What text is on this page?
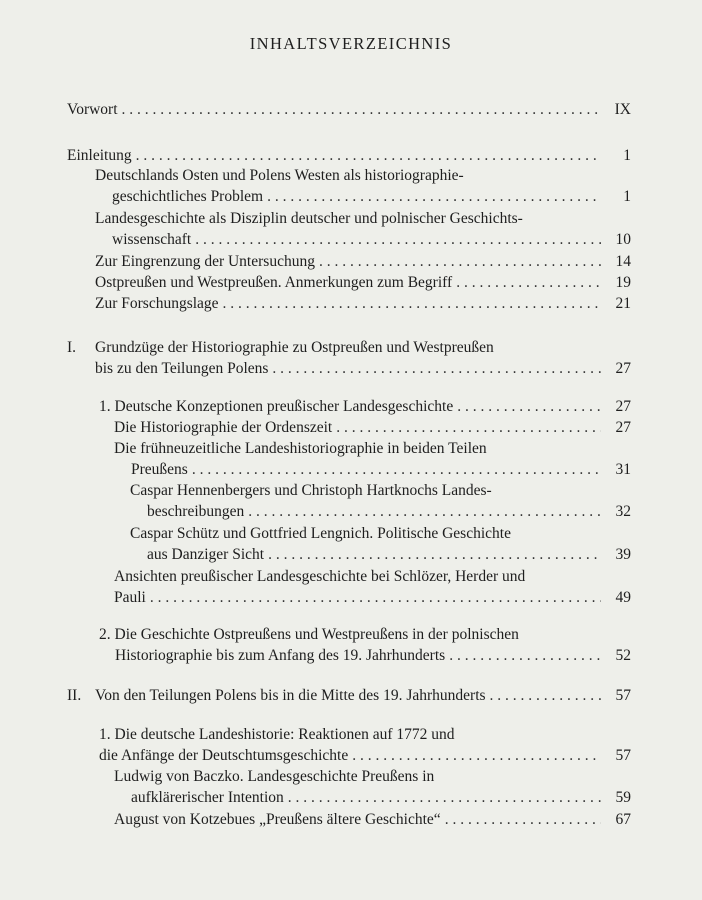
INHALTSVERZEICHNIS
Vorwort . . .	IX
Einleitung . . .	1
Deutschlands Osten und Polens Westen als historiographie-
geschichtliches Problem . . .	1
Landesgeschichte als Disziplin deutscher und polnischer Geschichts-
wissenschaft . . .	10
Zur Eingrenzung der Untersuchung . . .	14
Ostpreußen und Westpreußen. Anmerkungen zum Begriff . . .	19
Zur Forschungslage . . .	21
I. Grundzüge der Historiographie zu Ostpreußen und Westpreußen
bis zu den Teilungen Polens . . .	27
1. Deutsche Konzeptionen preußischer Landesgeschichte . . .	27
Die Historiographie der Ordenszeit . . .	27
Die frühneuzeitliche Landeshistoriographie in beiden Teilen
Preußens . . .	31
Caspar Hennenbergers und Christoph Hartknochs Landes-
beschreibungen . . .	32
Caspar Schütz und Gottfried Lengnich. Politische Geschichte
aus Danziger Sicht . . .	39
Ansichten preußischer Landesgeschichte bei Schlözer, Herder und
Pauli . . .	49
2. Die Geschichte Ostpreußens und Westpreußens in der polnischen
Historiographie bis zum Anfang des 19. Jahrhunderts . . .	52
II. Von den Teilungen Polens bis in die Mitte des 19. Jahrhunderts . . .	57
1. Die deutsche Landeshistorie: Reaktionen auf 1772 und
die Anfänge der Deutschtumsgeschichte . . .	57
Ludwig von Baczko. Landesgeschichte Preußens in
aufklärerischer Intention . . .	59
August von Kotzebues „Preußens ältere Geschichte“ . . .	67
